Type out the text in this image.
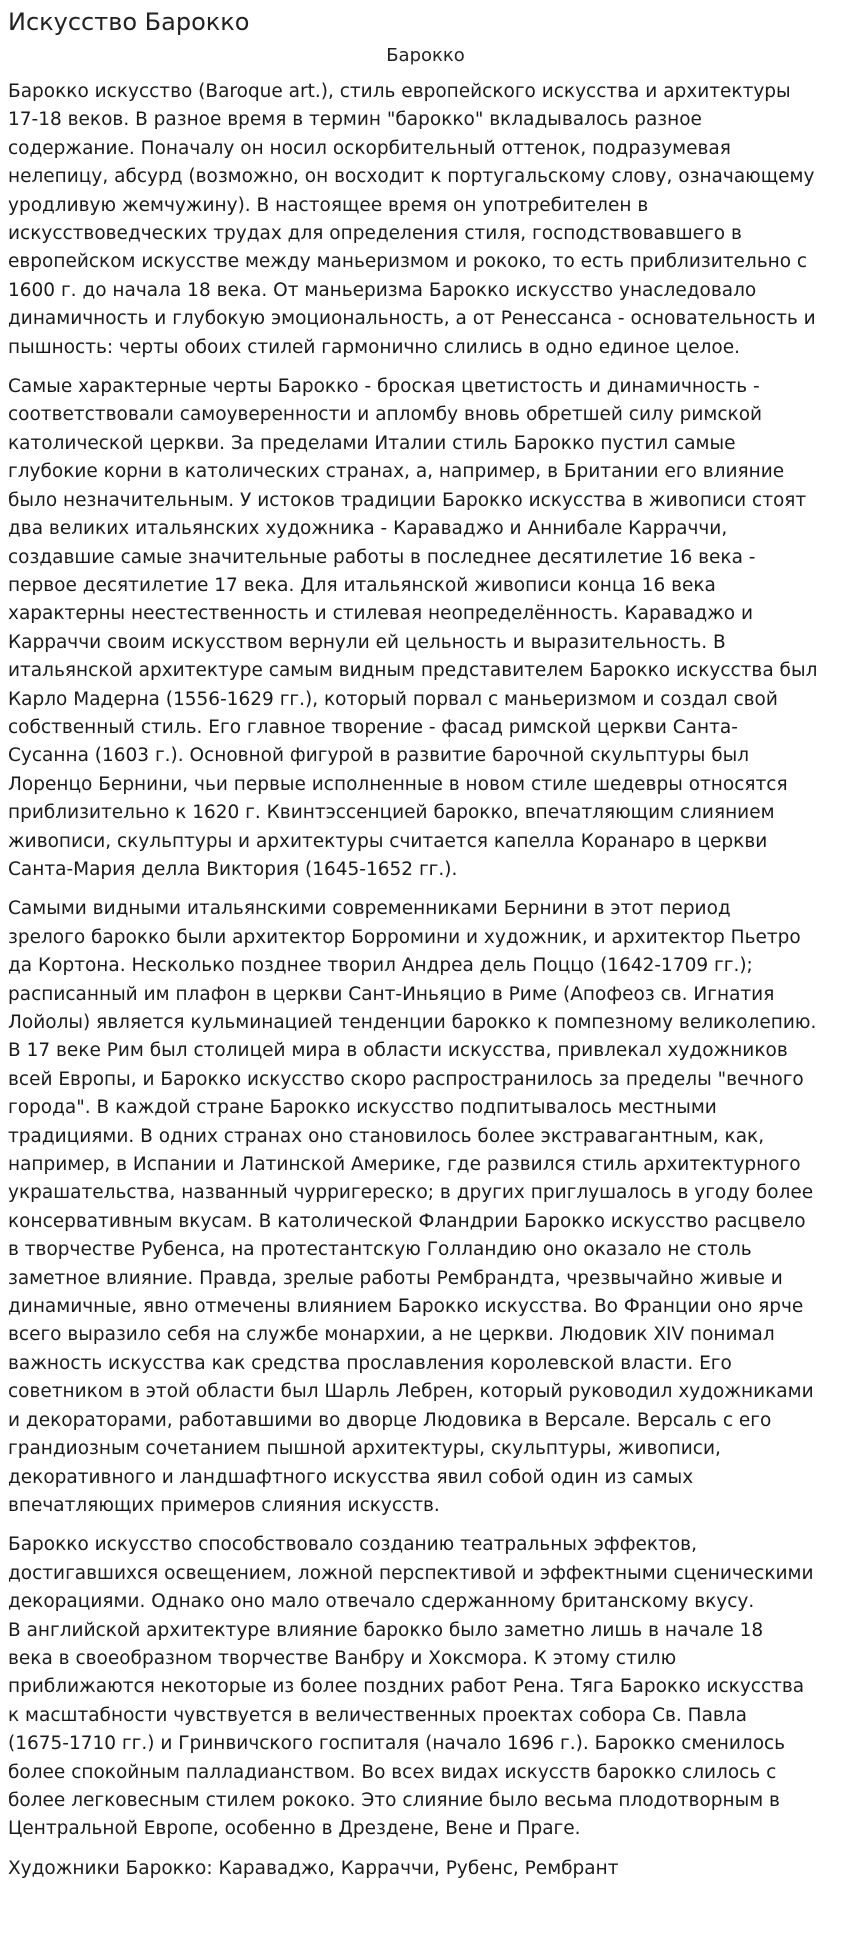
Искусство Барокко
Барокко

Барокко искусство (Baroque art.), стиль европейского искусства и архитектуры
17-18 веков. В разное время в термин "барокко" вкладывалось разное
содержание. Поначалу он носил оскорбительный оттенок, подразумевая
нелепицу, абсурд (возможно, он восходит к португальскому слову, означающему
уродливую жемчужину). В настоящее время он употребителен в
искусствоведческих трудах для определения стиля, господствовавшего в
европейском искусстве между маньеризмом и рококо, то есть приблизительно с
1600 г. до начала 18 века. От маньеризма Барокко искусство унаследовало
динамичность и глубокую эмоциональность, а от Ренессанса - основательность и
пышность: черты обоих стилей гармонично слились в одно единое целое.

Самые характерные черты Барокко - броская цветистость и динамичность -
соответствовали самоуверенности и апломбу вновь обретшей силу римской
католической церкви. За пределами Италии стиль Барокко пустил самые
глубокие корни в католических странах, а, например, в Британии его влияние
было незначительным. У истоков традиции Барокко искусства в живописи стоят
два великих итальянских художника - Караваджо и Аннибале Карраччи,
создавшие самые значительные работы в последнее десятилетие 16 века -
первое десятилетие 17 века. Для итальянской живописи конца 16 века
характерны неестественность и стилевая неопределённость. Караваджо и
Карраччи своим искусством вернули ей цельность и выразительность. В
итальянской архитектуре самым видным представителем Барокко искусства был
Карло Мадерна (1556-1629 гг.), который порвал с маньеризмом и создал свой
собственный стиль. Его главное творение - фасад римской церкви Санта-
Сусанна (1603 г.). Основной фигурой в развитие барочной скульптуры был
Лоренцо Бернини, чьи первые исполненные в новом стиле шедевры относятся
приблизительно к 1620 г. Квинтэссенцией барокко, впечатляющим слиянием
живописи, скульптуры и архитектуры считается капелла Коранаро в церкви
Санта-Мария делла Виктория (1645-1652 гг.).

Самыми видными итальянскими современниками Бернини в этот период
зрелого барокко были архитектор Борромини и художник, и архитектор Пьетро
да Кортона. Несколько позднее творил Андреа дель Поццо (1642-1709 гг.);
расписанный им плафон в церкви Сант-Иньяцио в Риме (Апофеоз св. Игнатия
Лойолы) является кульминацией тенденции барокко к помпезному великолепию.
В 17 веке Рим был столицей мира в области искусства, привлекал художников
всей Европы, и Барокко искусство скоро распространилось за пределы "вечного
города". В каждой стране Барокко искусство подпитывалось местными
традициями. В одних странах оно становилось более экстравагантным, как,
например, в Испании и Латинской Америке, где развился стиль архитектурного
украшательства, названный чурригереско; в других приглушалось в угоду более
консервативным вкусам. В католической Фландрии Барокко искусство расцвело
в творчестве Рубенса, на протестантскую Голландию оно оказало не столь
заметное влияние. Правда, зрелые работы Рембрандта, чрезвычайно живые и
динамичные, явно отмечены влиянием Барокко искусства. Во Франции оно ярче
всего выразило себя на службе монархии, а не церкви. Людовик XIV понимал
важность искусства как средства прославления королевской власти. Его
советником в этой области был Шарль Лебрен, который руководил художниками
и декораторами, работавшими во дворце Людовика в Версале. Версаль с его
грандиозным сочетанием пышной архитектуры, скульптуры, живописи,
декоративного и ландшафтного искусства явил собой один из самых
впечатляющих примеров слияния искусств.

Барокко искусство способствовало созданию театральных эффектов,
достигавшихся освещением, ложной перспективой и эффектными сценическими
декорациями. Однако оно мало отвечало сдержанному британскому вкусу.
В английской архитектуре влияние барокко было заметно лишь в начале 18
века в своеобразном творчестве Ванбру и Хоксмора. К этому стилю
приближаются некоторые из более поздних работ Рена. Тяга Барокко искусства
к масштабности чувствуется в величественных проектах собора Св. Павла
(1675-1710 гг.) и Гринвичского госпиталя (начало 1696 г.). Барокко сменилось
более спокойным палладианством. Во всех видах искусств барокко слилось с
более легковесным стилем рококо. Это слияние было весьма плодотворным в
Центральной Европе, особенно в Дрездене, Вене и Праге.

Художники Барокко: Караваджо, Карраччи, Рубенс, Рембрант
